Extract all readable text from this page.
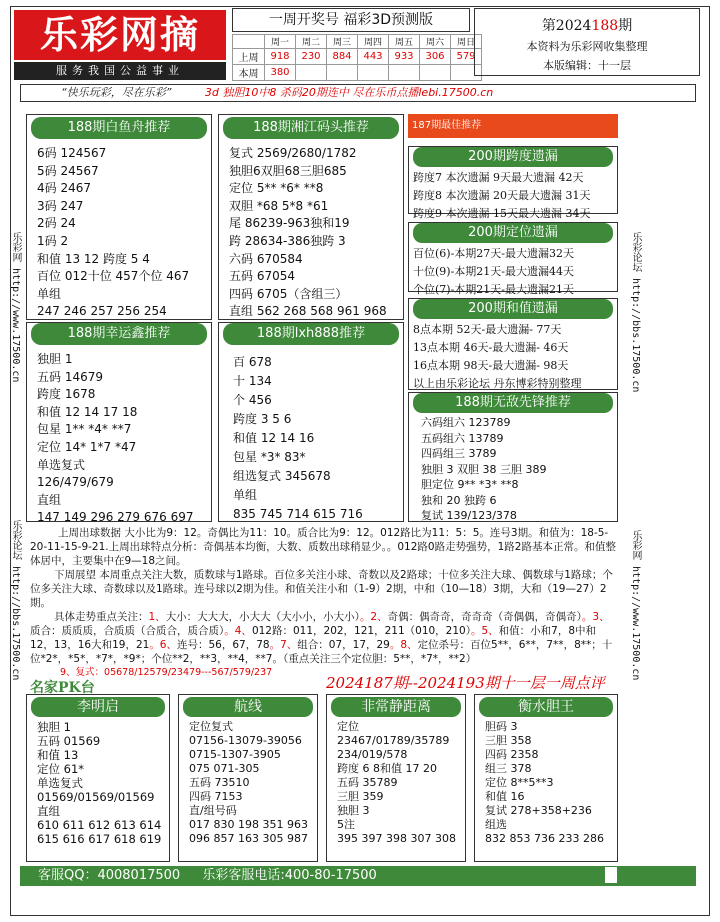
乐彩网摘
服务我国公益事业
一周开奖号 福彩3D预测版
	周一	周二	周三	周四	周五	周六	周日
上周	918	230	884	443	933	306	579
本周	380						
第2024188期
本资料为乐彩网收集整理
本版编辑：十一层
“快乐玩彩，尽在乐彩”	3d 独胆10中8 杀码20期连中 尽在乐币点播lebi.17500.cn
乐彩网 http://www.17500.cn
乐彩论坛 http://bbs.17500.cn
乐彩论坛 http://bbs.17500.cn
乐彩网 http://www.17500.cn
188期白鱼舟推荐
6码 124567
5码 24567
4码 2467
3码 247
2码 24
1码 2
和值 13 12 跨度 5 4
百位 012十位 457个位 467
单组
247 246 257 256 254
188期湘江码头推荐
复式 2569/2680/1782
独胆6双胆68三胆685
定位 5** *6* **8
双胆 *68 5*8 *61
尾 86239-963独和19
跨 28634-386独跨 3
六码 670584
五码 67054
四码 6705（含组三）
直组 562 268 568 961 968
188期幸运鑫推荐
独胆 1
五码 14679
跨度 1678
和值 12 14 17 18
包星 1** *4* **7
定位 14* 1*7 *47
单选复式
126/479/679
直组
147 149 296 279 676 697
188期lxh888推荐
百 678
十 134
个 456
跨度 3 5 6
和值 12 14 16
包星 *3* 83*
组选复式 345678
单组
835 745 714 615 716
187期最佳推荐
200期跨度遗漏
跨度7 本次遗漏 9天最大遗漏 42天
跨度8 本次遗漏 20天最大遗漏 31天
跨度9 本次遗漏 15天最大遗漏 34天
200期定位遗漏
百位(6)-本期27天-最大遗漏32天
十位(9)-本期21天-最大遗漏44天
个位(7)-本期21天-最大遗漏21天
200期和值遗漏
8点本期 52天-最大遗漏- 77天
13点本期 46天-最大遗漏- 46天
16点本期 98天-最大遗漏- 98天
以上由乐彩论坛 丹东博彩特别整理
188期无敌先锋推荐
六码组六 123789
五码组六 13789
四码组三 3789
独胆 3 双胆 38 三胆 389
胆定位 9** *3* **8
独和 20 独跨 6
复试 139/123/378
上周出球数据 大小比为9：12。奇偶比为11：10。质合比为9：12。012路比为11：5：5。连号3期。和值为：18-5-20-11-15-9-21.上周出球特点分析：奇偶基本均衡，大数、质数出球稍显少。。012路0路走势强势，1路2路基本正常。和值整体居中，主要集中在9—18之间。
下周展望 本周重点关注大数，质数球与1路球。百位多关注小球、奇数以及2路球；十位多关注大球、偶数球与1路球；个位多关注大球、奇数球以及1路球。连号球以2期为佳。和值关注小和（1-9）2期，中和（10—18）3期，大和（19—27）2期。
具体走势重点关注：1、大小：大大大，小大大（大小小，小大小）。2、奇偶：偶奇奇，奇奇奇（奇偶偶，奇偶奇）。3、质合：质质质，合质质（合质合，质合质）。4、012路：011，202，121，211（010，210）。5、和值：小和7，8中和12，13，16大和19，21。6、连号：56，67，78。7、组合：07，17，29。8、定位杀号：百位5**，6**，7**，8**；十位*2*，*5*，*7*，*9*；个位**2，**3，**4，**7。（重点关注三个定位胆：5**，*7*，**2）
9、复式：05678/12579/23479---567/579/237
名家PK台	2024187期--2024193期十一层一周点评
李明启
独胆 1
五码 01569
和值 13
定位 61*
单选复式
01569/01569/01569
直组
610 611 612 613 614
615 616 617 618 619
航线
定位复式
07156-13079-39056
0715-1307-3905
075 071-305
五码 73510
四码 7153
直/组号码
017 830 198 351 963
096 857 163 305 987
非常静距离
定位
23467/01789/35789
234/019/578
跨度 6 8和值 17 20
五码 35789
三胆 359
独胆 3
5注
395 397 398 307 308
衡水胆王
胆码 3
三胆 358
四码 2358
组三 378
定位 8**5**3
和值 16
复试 278+358+236
组选
832 853 736 233 286
客服QQ：4008017500 乐彩客服电话:400-80-17500
